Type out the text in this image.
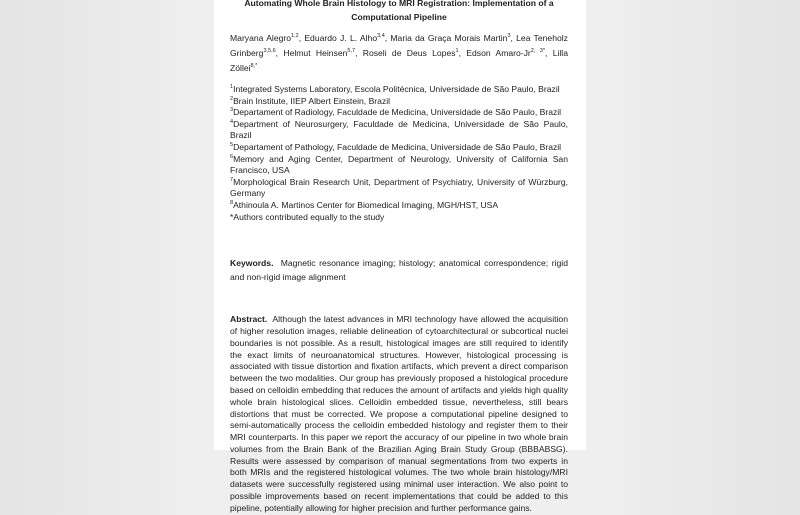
Automating Whole Brain Histology to MRI Registration: Implementation of a Computational Pipeline
Maryana Alegro$^{1,2}$, Eduardo J. L. Alho$^{3,4}$, Maria da Graça Morais Martin$^3$, Lea Teneholz Grinberg$^{3,5,6}$, Helmut Heinsen$^{5,7}$, Roseli de Deus Lopes$^1$, Edson Amaro-$Jr^{2, 3*}$, Lilla Zöllei$^{8,*}$
$^1$Integrated Systems Laboratory, Escola Politécnica, Universidade de São Paulo, Brazil
$^2$Brain Institute, IIEP Albert Einstein, Brazil
$^3$Departament of Radiology, Faculdade de Medicina, Universidade de São Paulo, Brazil
$^4$Department of Neurosurgery, Faculdade de Medicina, Universidade de São Paulo, Brazil
$^5$Departament of Pathology, Faculdade de Medicina, Universidade de São Paulo, Brazil
$^6$Memory and Aging Center, Department of Neurology, University of California San Francisco, USA
$^7$Morphological Brain Research Unit, Department of Psychiatry, University of Würzburg, Germany
$^8$Athinoula A. Martinos Center for Biomedical Imaging, MGH/HST, USA
*Authors contributed equally to the study
Keywords. Magnetic resonance imaging; histology; anatomical correspondence; rigid and non-rigid image alignment
Abstract. Although the latest advances in MRI technology have allowed the acquisition of higher resolution images, reliable delineation of cytoarchitectural or subcortical nuclei boundaries is not possible. As a result, histological images are still required to identify the exact limits of neuroanatomical structures. However, histological processing is associated with tissue distortion and fixation artifacts, which prevent a direct comparison between the two modalities. Our group has previously proposed a histological procedure based on celloidin embedding that reduces the amount of artifacts and yields high quality whole brain histological slices. Celloidin embedded tissue, nevertheless, still bears distortions that must be corrected. We propose a computational pipeline designed to semi-automatically process the celloidin embedded histology and register them to their MRI counterparts. In this paper we report the accuracy of our pipeline in two whole brain volumes from the Brain Bank of the Brazilian Aging Brain Study Group (BBBABSG). Results were assessed by comparison of manual segmentations from two experts in both MRIs and the registered histological volumes. The two whole brain histology/MRI datasets were successfully registered using minimal user interaction. We also point to possible improvements based on recent implementations that could be added to this pipeline, potentially allowing for higher precision and further performance gains.
